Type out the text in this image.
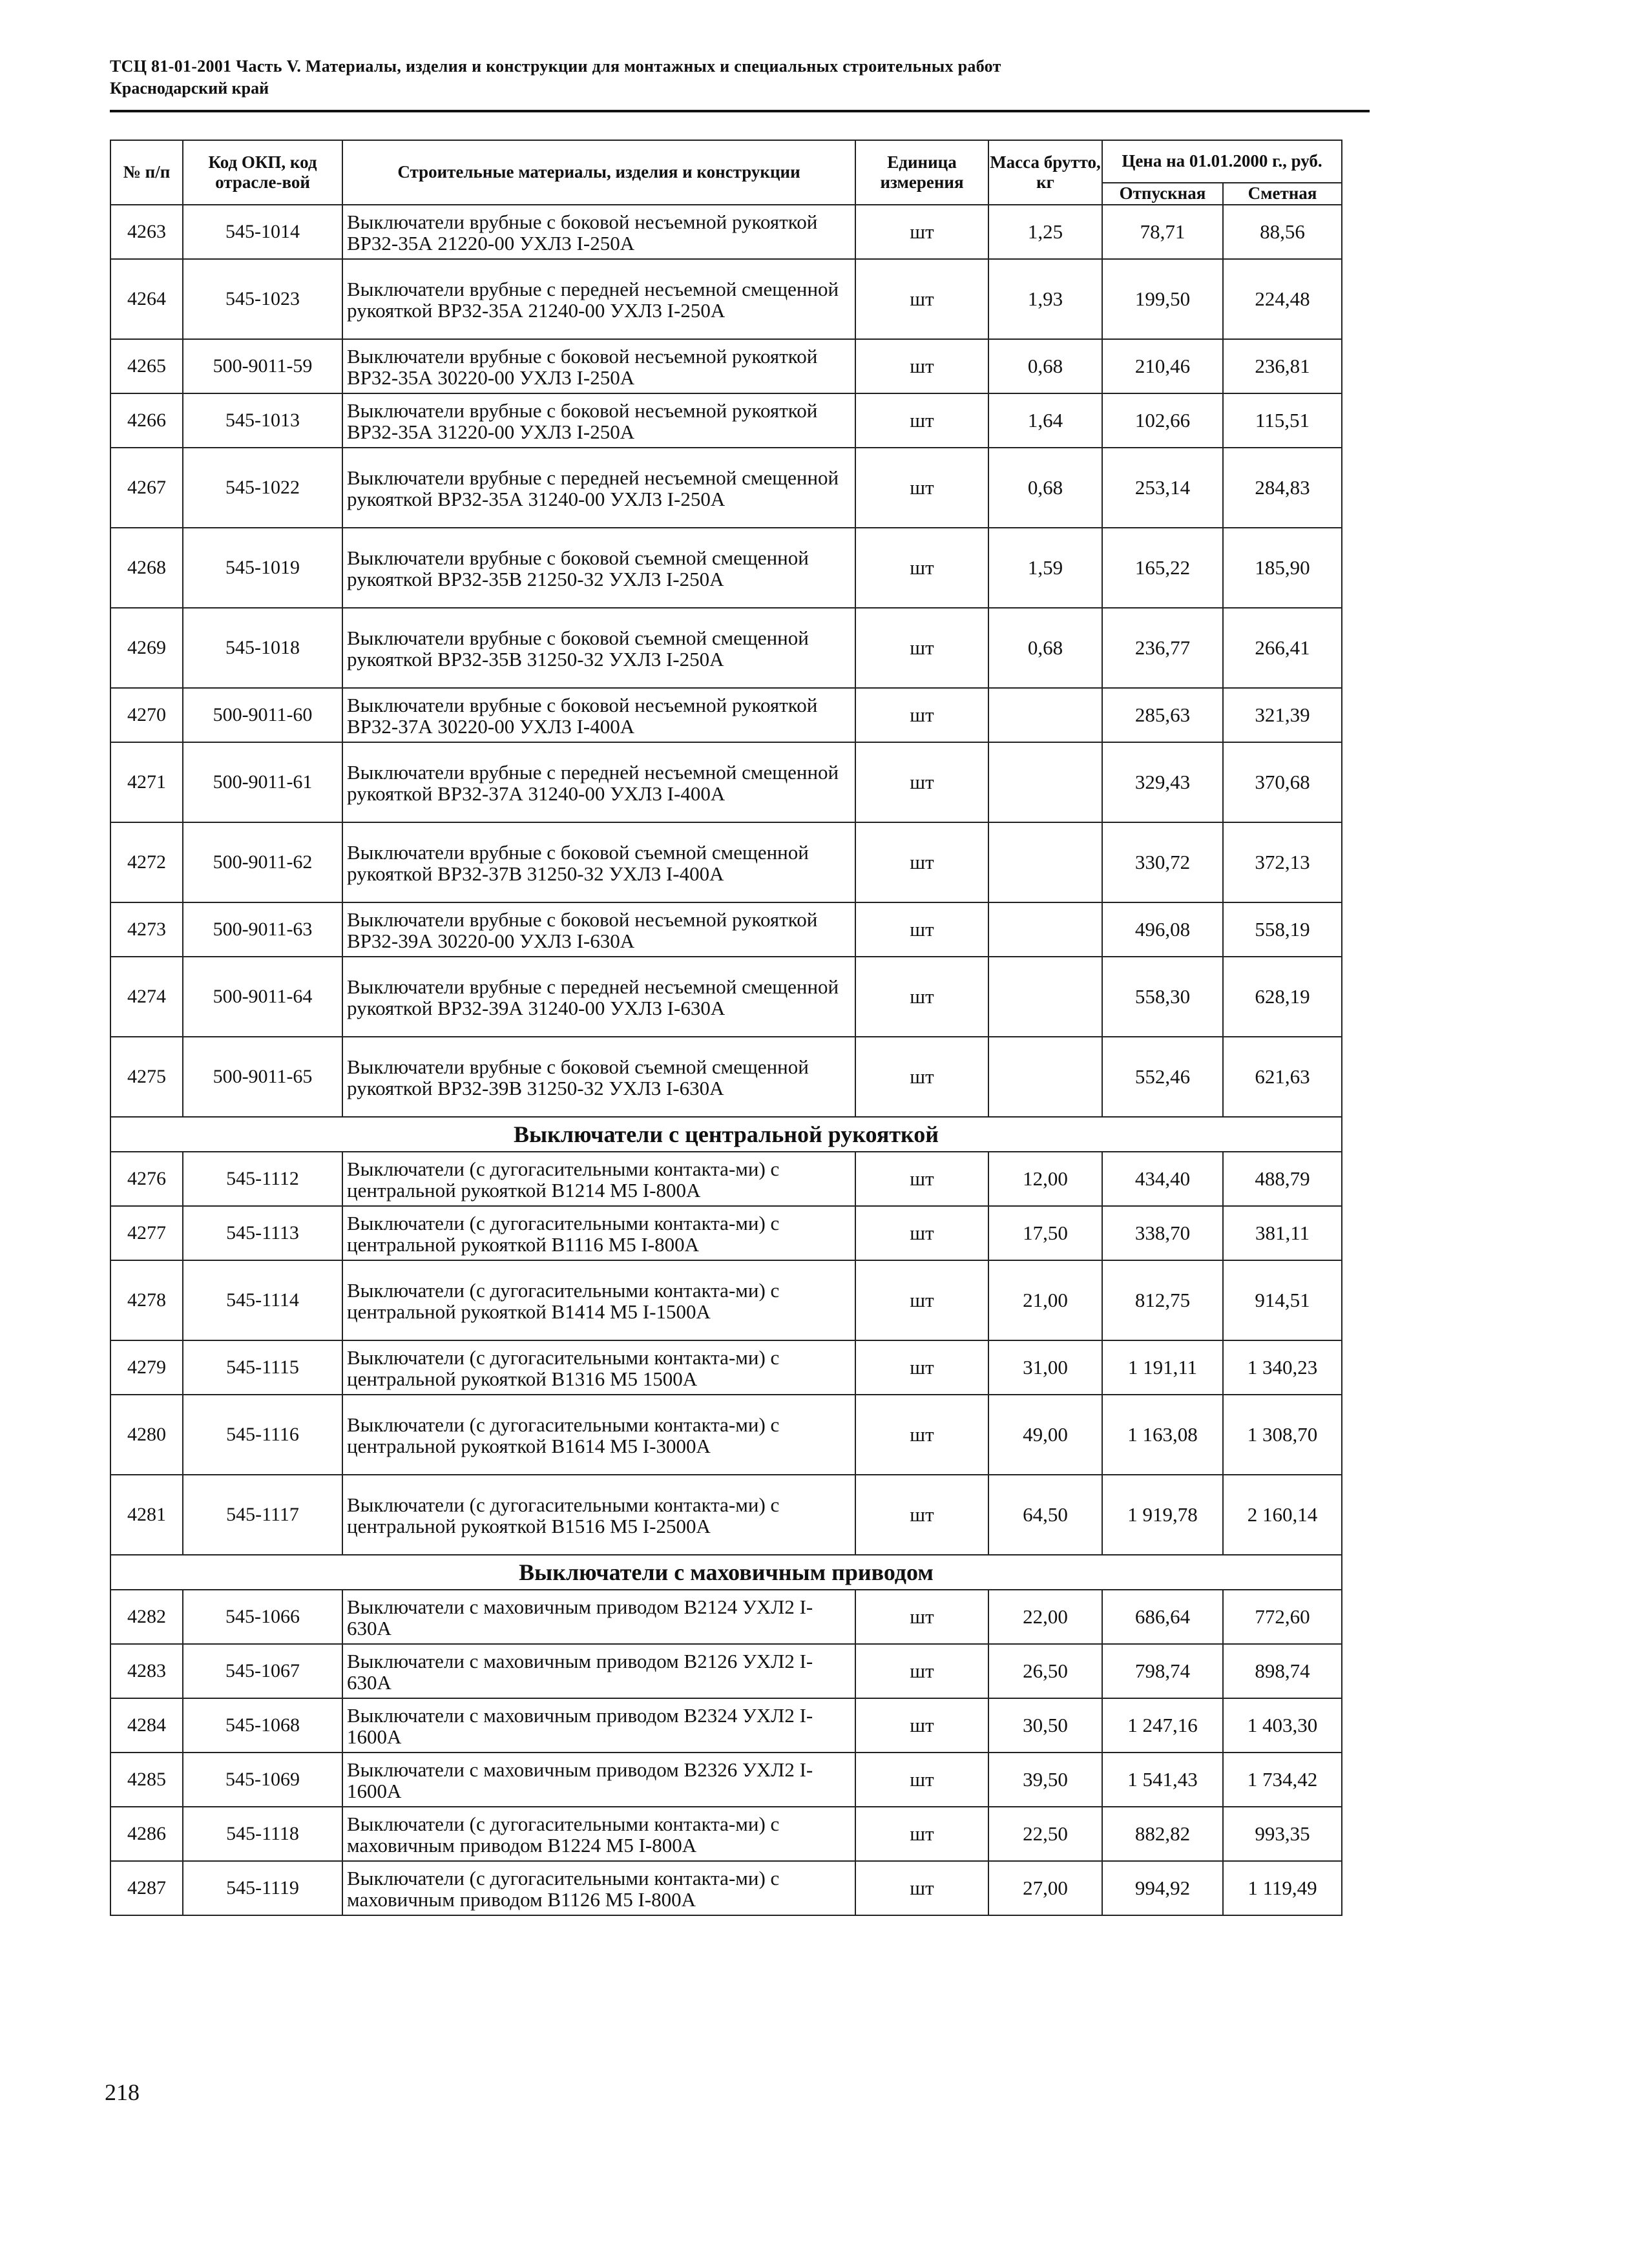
ТСЦ 81-01-2001 Часть V. Материалы, изделия и конструкции для монтажных и специальных строительных работ
Краснодарский край
№ п/п	Код ОКП, код отрасле-вой	Строительные материалы, изделия и конструкции	Единица измерения	Масса брутто, кг	Цена на 01.01.2000 г., руб.	
					Отпускная	Сметная
4263	545-1014	Выключатели врубные с боковой несъемной рукояткой ВР32-35А 21220-00 УХЛ3 I-250А	шт	1,25	78,71	88,56
4264	545-1023	Выключатели врубные с передней несъемной смещенной рукояткой ВР32-35А 21240-00 УХЛ3 I-250А	шт	1,93	199,50	224,48
4265	500-9011-59	Выключатели врубные с боковой несъемной рукояткой ВР32-35А 30220-00 УХЛ3 I-250А	шт	0,68	210,46	236,81
4266	545-1013	Выключатели врубные с боковой несъемной рукояткой ВР32-35А 31220-00 УХЛ3 I-250А	шт	1,64	102,66	115,51
4267	545-1022	Выключатели врубные с передней несъемной смещенной рукояткой ВР32-35А 31240-00 УХЛ3 I-250А	шт	0,68	253,14	284,83
4268	545-1019	Выключатели врубные с боковой съемной смещенной рукояткой ВР32-35В 21250-32 УХЛ3 I-250А	шт	1,59	165,22	185,90
4269	545-1018	Выключатели врубные с боковой съемной смещенной рукояткой ВР32-35В 31250-32 УХЛ3 I-250А	шт	0,68	236,77	266,41
4270	500-9011-60	Выключатели врубные с боковой несъемной рукояткой ВР32-37А 30220-00 УХЛ3 I-400А	шт		285,63	321,39
4271	500-9011-61	Выключатели врубные с передней несъемной смещенной рукояткой ВР32-37А 31240-00 УХЛ3 I-400А	шт		329,43	370,68
4272	500-9011-62	Выключатели врубные с боковой съемной смещенной рукояткой ВР32-37В 31250-32 УХЛ3 I-400А	шт		330,72	372,13
4273	500-9011-63	Выключатели врубные с боковой несъемной рукояткой ВР32-39А 30220-00 УХЛ3 I-630А	шт		496,08	558,19
4274	500-9011-64	Выключатели врубные с передней несъемной смещенной рукояткой ВР32-39А 31240-00 УХЛ3 I-630А	шт		558,30	628,19
4275	500-9011-65	Выключатели врубные с боковой съемной смещенной рукояткой ВР32-39В 31250-32 УХЛ3 I-630А	шт		552,46	621,63
Выключатели с центральной рукояткой						
4276	545-1112	Выключатели (с дугогасительными контакта-ми) с центральной рукояткой В1214 М5 I-800А	шт	12,00	434,40	488,79
4277	545-1113	Выключатели (с дугогасительными контакта-ми) с центральной рукояткой В1116 М5 I-800А	шт	17,50	338,70	381,11
4278	545-1114	Выключатели (с дугогасительными контакта-ми) с центральной рукояткой В1414 М5 I-1500А	шт	21,00	812,75	914,51
4279	545-1115	Выключатели (с дугогасительными контакта-ми) с центральной рукояткой В1316 М5 1500А	шт	31,00	1 191,11	1 340,23
4280	545-1116	Выключатели (с дугогасительными контакта-ми) с центральной рукояткой В1614 М5 I-3000А	шт	49,00	1 163,08	1 308,70
4281	545-1117	Выключатели (с дугогасительными контакта-ми) с центральной рукояткой В1516 М5 I-2500А	шт	64,50	1 919,78	2 160,14
Выключатели с маховичным приводом						
4282	545-1066	Выключатели с маховичным приводом В2124 УХЛ2 I-630А	шт	22,00	686,64	772,60
4283	545-1067	Выключатели с маховичным приводом В2126 УХЛ2 I-630А	шт	26,50	798,74	898,74
4284	545-1068	Выключатели с маховичным приводом В2324 УХЛ2 I-1600А	шт	30,50	1 247,16	1 403,30
4285	545-1069	Выключатели с маховичным приводом В2326 УХЛ2 I-1600А	шт	39,50	1 541,43	1 734,42
4286	545-1118	Выключатели (с дугогасительными контакта-ми) с маховичным приводом В1224 М5 I-800А	шт	22,50	882,82	993,35
4287	545-1119	Выключатели (с дугогасительными контакта-ми) с маховичным приводом В1126 М5 I-800А	шт	27,00	994,92	1 119,49
218
